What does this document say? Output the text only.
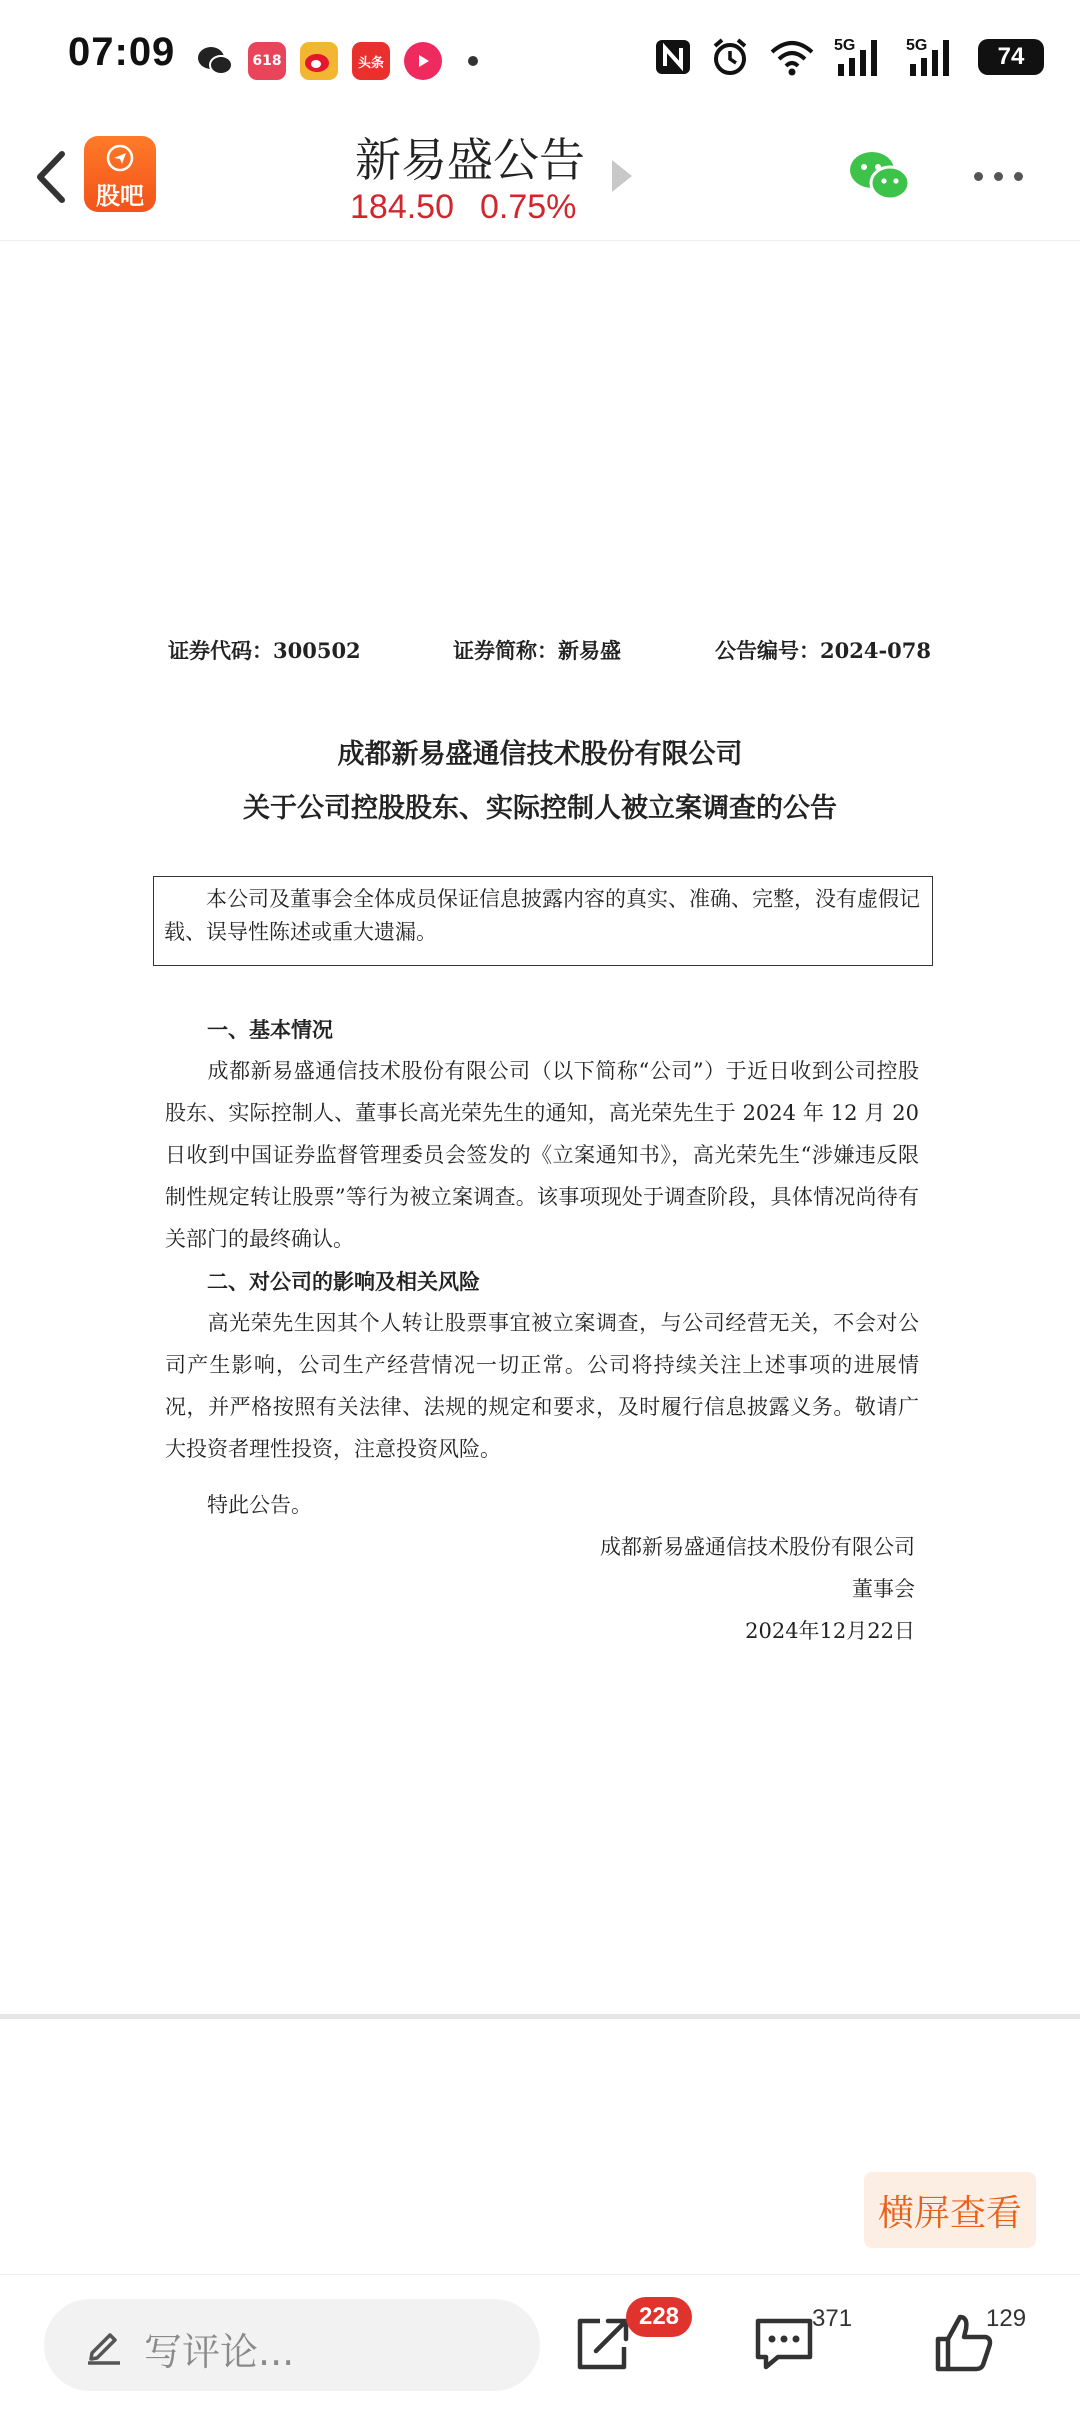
07:09	618	头条
5G	5G	74
股吧
新易盛公告
184.50 0.75%
证券代码：300502	证券简称：新易盛	公告编号：2024-078
成都新易盛通信技术股份有限公司
关于公司控股股东、实际控制人被立案调查的公告
本公司及董事会全体成员保证信息披露内容的真实、准确、完整，没有虚假记载、误导性陈述或重大遗漏。
一、基本情况
成都新易盛通信技术股份有限公司（以下简称“公司”）于近日收到公司控股股东、实际控制人、董事长高光荣先生的通知，高光荣先生于 2024 年 12 月 20 日收到中国证券监督管理委员会签发的《立案通知书》，高光荣先生“涉嫌违反限制性规定转让股票”等行为被立案调查。该事项现处于调查阶段，具体情况尚待有关部门的最终确认。
二、对公司的影响及相关风险
高光荣先生因其个人转让股票事宜被立案调查，与公司经营无关，不会对公司产生影响，公司生产经营情况一切正常。公司将持续关注上述事项的进展情况，并严格按照有关法律、法规的规定和要求，及时履行信息披露义务。敬请广大投资者理性投资，注意投资风险。
特此公告。
成都新易盛通信技术股份有限公司
董事会
2024年12月22日
横屏查看
写评论...
228	371	129
